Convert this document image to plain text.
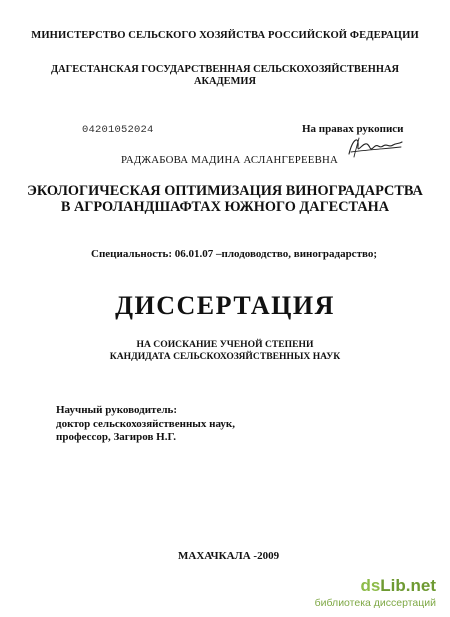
МИНИСТЕРСТВО СЕЛЬСКОГО ХОЗЯЙСТВА РОССИЙСКОЙ ФЕДЕРАЦИИ
ДАГЕСТАНСКАЯ ГОСУДАРСТВЕННАЯ СЕЛЬСКОХОЗЯЙСТВЕННАЯ
АКАДЕМИЯ
04201052024	На правах рукописи
РАДЖАБОВА МАДИНА АСЛАНГЕРЕЕВНА
ЭКОЛОГИЧЕСКАЯ ОПТИМИЗАЦИЯ ВИНОГРАДАРСТВА
В АГРОЛАНДШАФТАХ ЮЖНОГО ДАГЕСТАНА
Специальность: 06.01.07 –плодоводство, виноградарство;
ДИССЕРТАЦИЯ
НА СОИСКАНИЕ УЧЕНОЙ СТЕПЕНИ
КАНДИДАТА СЕЛЬСКОХОЗЯЙСТВЕННЫХ НАУК
Научный руководитель:
доктор сельскохозяйственных наук,
профессор, Загиров Н.Г.
МАХАЧКАЛА -2009
dsLib.net
библиотека диссертаций
